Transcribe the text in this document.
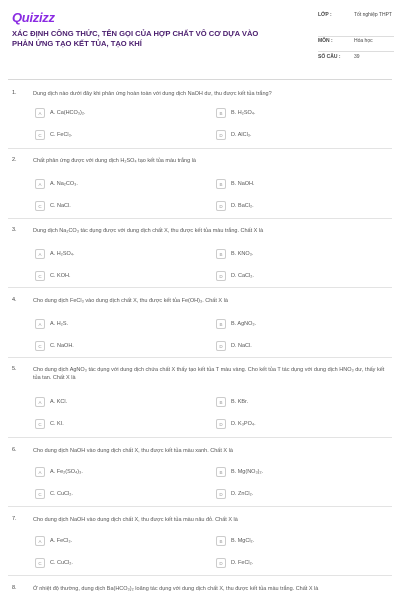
Quizizz
XÁC ĐỊNH CÔNG THỨC, TÊN GỌI CỦA HỢP CHẤT VÔ CƠ DỰA VÀO PHẢN ỨNG TẠO KẾT TỦA, TẠO KHÍ
LỚP :	Tốt nghiệp THPT
MÔN :	Hóa học
SỐ CÂU :	39
1.	Dung dịch nào dưới đây khi phản ứng hoàn toàn với dung dịch NaOH dư, thu được kết tủa trắng?
A	A. Ca(HCO₃)₂.	B	B. H₂SO₄.
C	C. FeCl₃.	D	D. AlCl₃.
2.	Chất phản ứng được với dung dịch H₂SO₄ tạo kết tủa màu trắng là
A	A. Na₂CO₃.	B	B. NaOH.
C	C. NaCl.	D	D. BaCl₂.
3.	Dung dịch Na₂CO₃ tác dụng được với dung dịch chất X, thu được kết tủa màu trắng. Chất X là
A	A. H₂SO₄.	B	B. KNO₃.
C	C. KOH.	D	D. CaCl₂.
4.	Cho dung dịch FeCl₃ vào dung dịch chất X, thu được kết tủa Fe(OH)₃. Chất X là
A	A. H₂S.	B	B. AgNO₃.
C	C. NaOH.	D	D. NaCl.
5.	Cho dung dịch AgNO₃ tác dụng với dung dịch chứa chất X thấy tạo kết tủa T màu vàng. Cho kết tủa T tác dụng với dung dịch HNO₃ dư, thấy kết tủa tan. Chất X là
A	A. KCl.	B	B. KBr.
C	C. KI.	D	D. K₃PO₄.
6.	Cho dung dịch NaOH vào dung dịch chất X, thu được kết tủa màu xanh. Chất X là
A	A. Fe₂(SO₄)₃.	B	B. Mg(NO₃)₂.
C	C. CuCl₂.	D	D. ZnCl₂.
7.	Cho dung dịch NaOH vào dung dịch chất X, thu được kết tủa màu nâu đỏ. Chất X là
A	A. FeCl₃.	B	B. MgCl₂.
C	C. CuCl₂.	D	D. FeCl₂.
8.	Ở nhiệt độ thường, dung dịch Ba(HCO₃)₂ loãng tác dụng với dung dịch chất X, thu được kết tủa màu trắng. Chất X là
